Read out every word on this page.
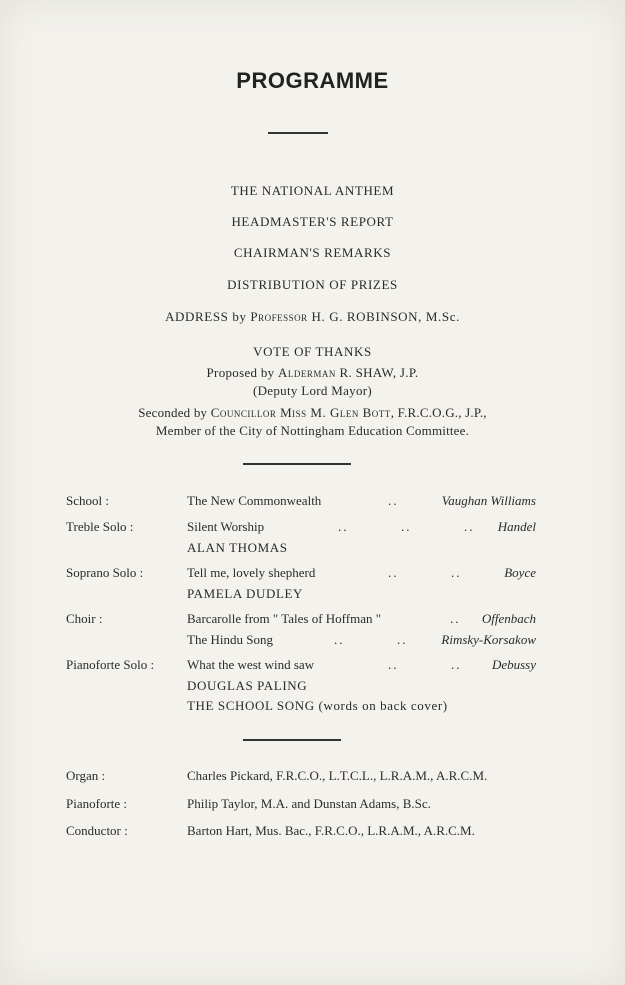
PROGRAMME
THE NATIONAL ANTHEM
HEADMASTER'S REPORT
CHAIRMAN'S REMARKS
DISTRIBUTION OF PRIZES
ADDRESS by Professor H. G. ROBINSON, M.Sc.
VOTE OF THANKS
Proposed by Alderman R. SHAW, J.P.
(Deputy Lord Mayor)
Seconded by Councillor Miss M. Glen Bott, F.R.C.O.G., J.P.,
Member of the City of Nottingham Education Committee.
School :	The New Commonwealth	..	Vaughan Williams
Treble Solo :	Silent Worship	..          ..          .. Handel
ALAN THOMAS
Soprano Solo :	Tell me, lovely shepherd	..          ..	Boyce
PAMELA DUDLEY
Choir :	Barcarolle from " Tales of Hoffman "	.. Offenbach
The Hindu Song	..          ..	Rimsky-Korsakow
Pianoforte Solo :	What the west wind saw	..          .. Debussy
DOUGLAS PALING
THE SCHOOL SONG (words on back cover)
Organ :	Charles Pickard, F.R.C.O., L.T.C.L., L.R.A.M., A.R.C.M.
Pianoforte :	Philip Taylor, M.A. and Dunstan Adams, B.Sc.
Conductor :	Barton Hart, Mus. Bac., F.R.C.O., L.R.A.M., A.R.C.M.
